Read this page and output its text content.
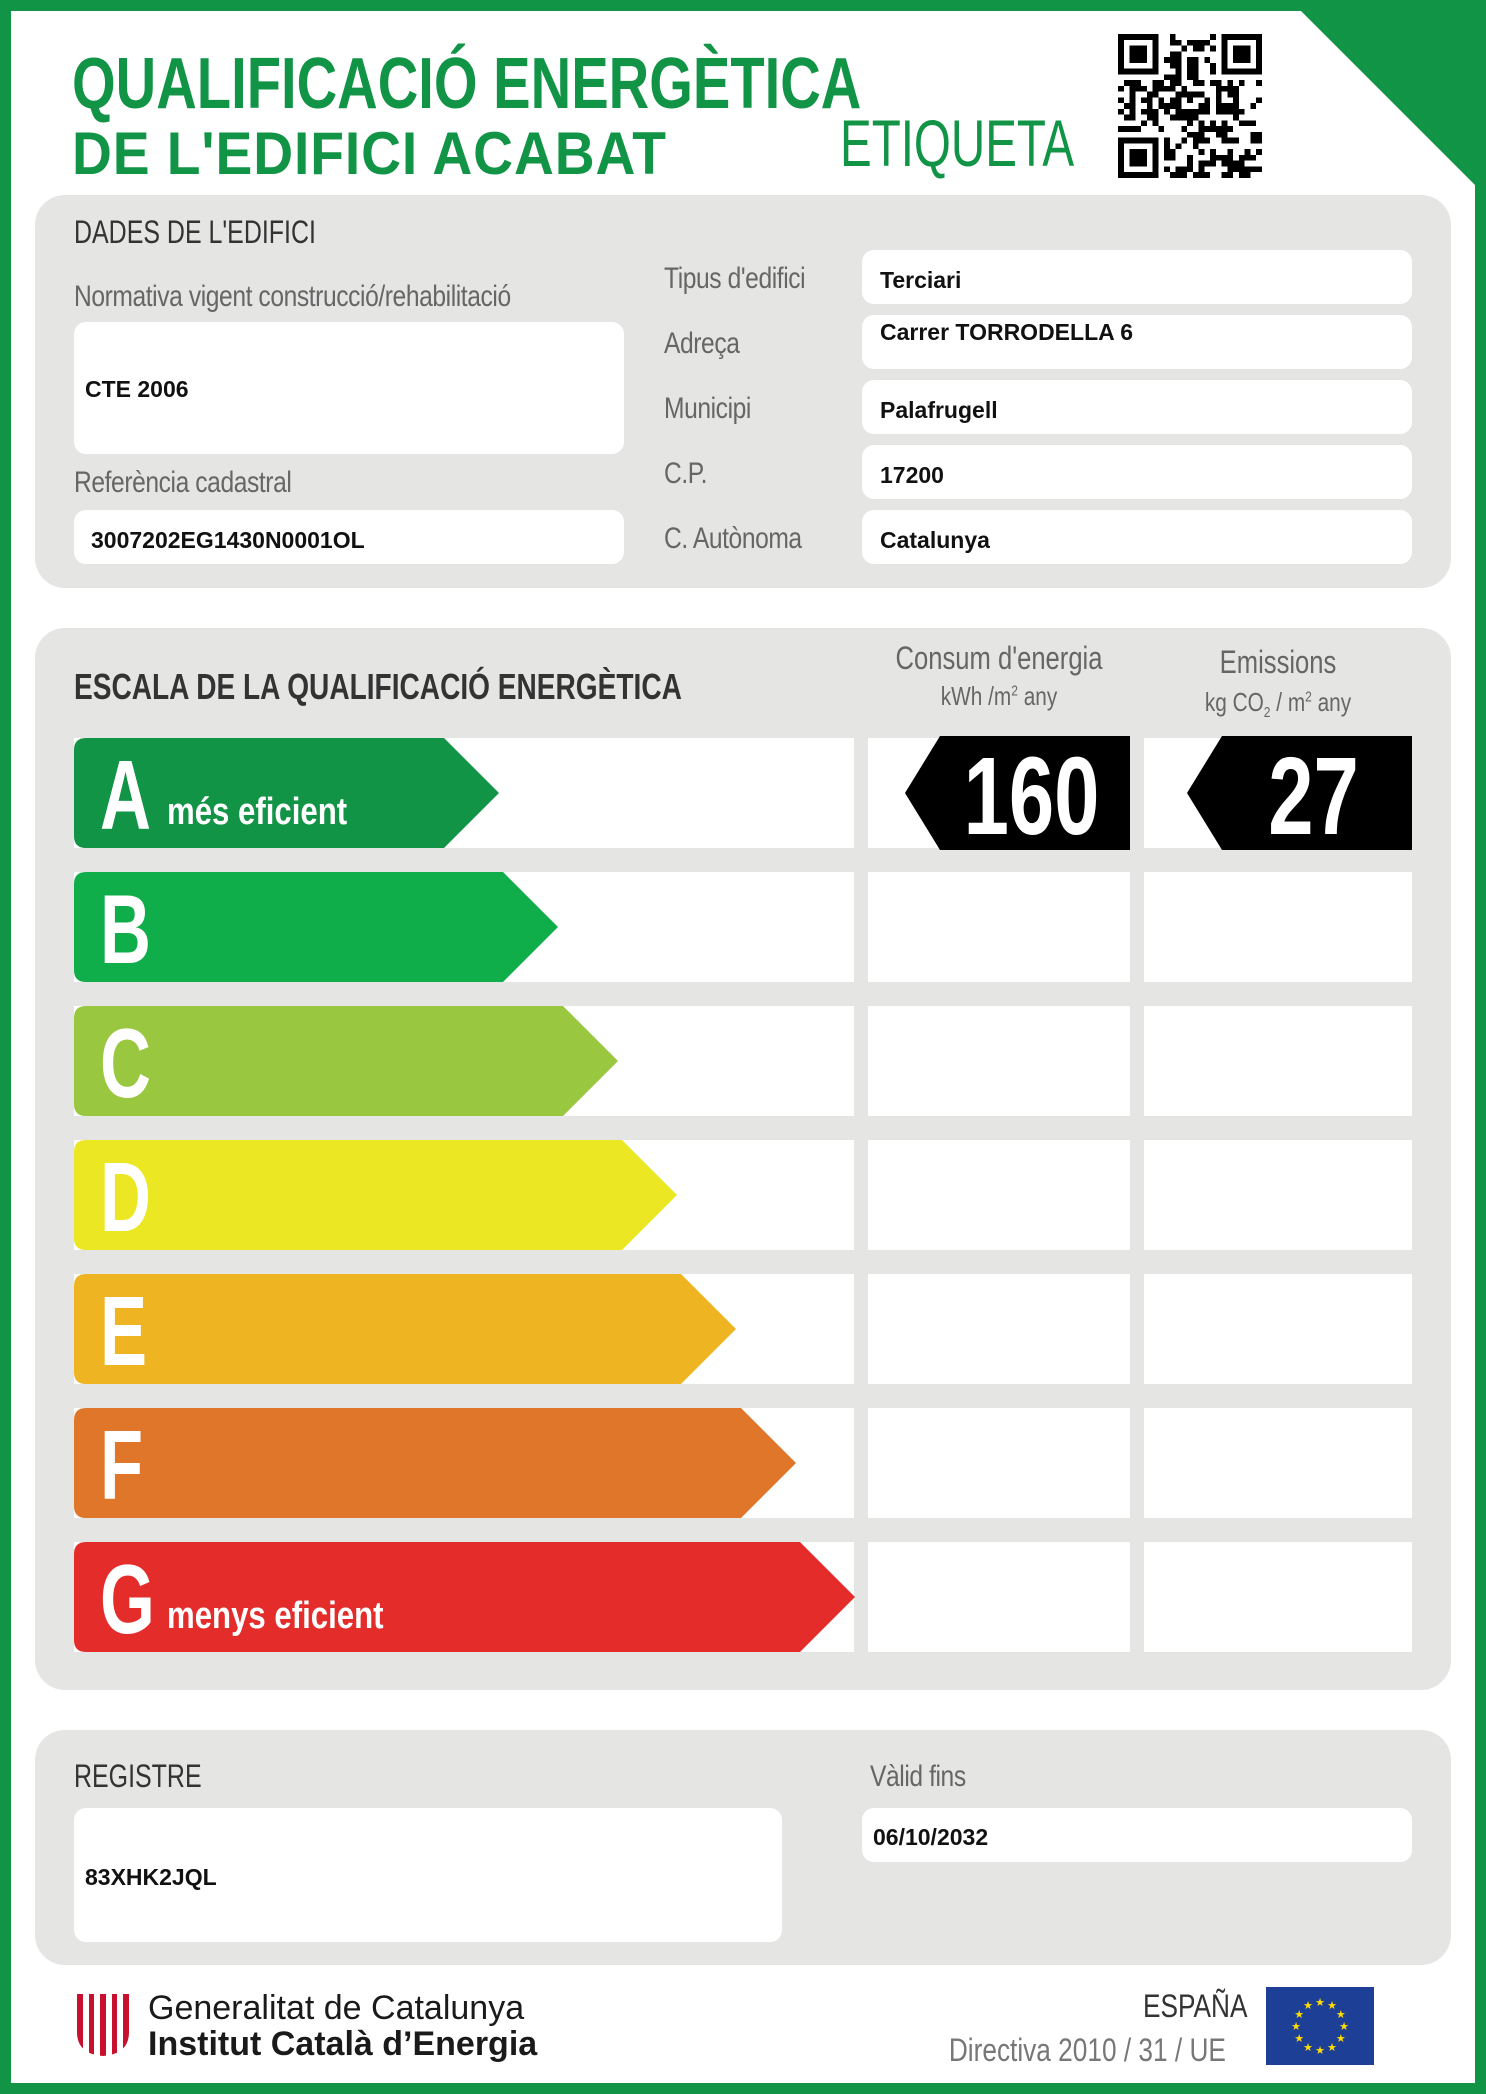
QUALIFICACIÓ ENERGÈTICA
DE L'EDIFICI ACABAT	ETIQUETA
DADES DE L'EDIFICI
Normativa vigent construcció/rehabilitació
CTE 2006
Referència cadastral
3007202EG1430N0001OL
Tipus d'edifici
Adreça
Municipi
C.P.
C. Autònoma
Terciari
Carrer TORRODELLA 6
Palafrugell
17200
Catalunya
ESCALA DE LA QUALIFICACIÓ ENERGÈTICA
Consum d'energia
kWh $/m^2$ any
Emissions
kg $CO_2 / m^2$ any
A més eficient	160 27
B
C
D
E
F
G menys eficient
REGISTRE
83XHK2JQL
Vàlid fins
06/10/2032
Generalitat de Catalunya
Institut Català d’Energia
ESPAÑA
Directiva 2010 / 31 / UE
★
★
★
★
★
★
★
★
★ ★ ★
★
